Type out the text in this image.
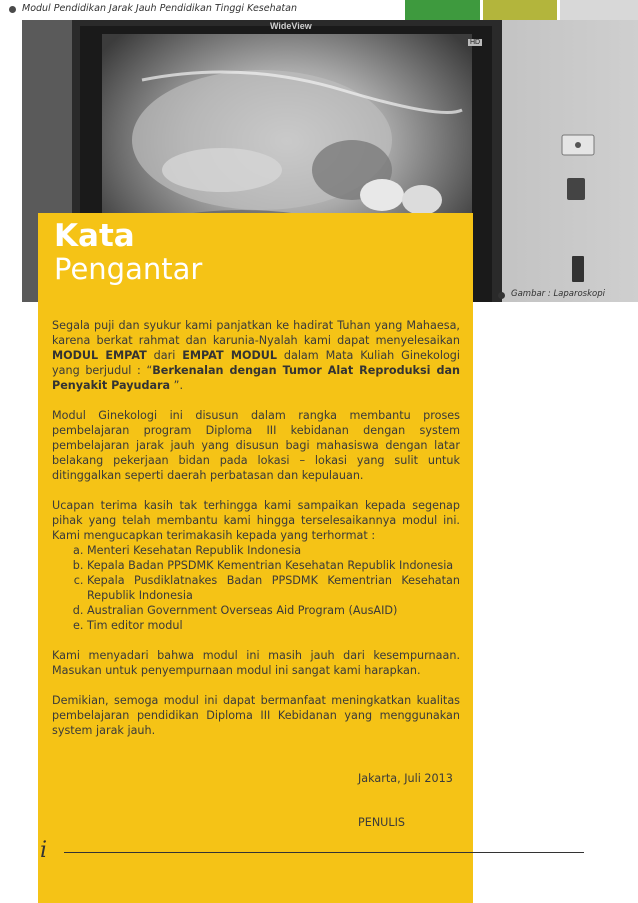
Modul Pendidikan Jarak Jauh Pendidikan Tinggi Kesehatan
WideView
HD
Kata
Pengantar
Gambar : Laparoskopi

Segala puji dan syukur kami panjatkan ke hadirat Tuhan yang Mahaesa, karena berkat rahmat dan karunia-Nyalah kami dapat menyelesaikan MODUL EMPAT dari EMPAT MODUL dalam Mata Kuliah Ginekologi yang berjudul : “Berkenalan dengan Tumor Alat Reproduksi dan Penyakit Payudara ”.

Modul Ginekologi ini disusun dalam rangka membantu proses pembelajaran program Diploma III kebidanan dengan system pembelajaran jarak jauh yang disusun bagi mahasiswa dengan latar belakang pekerjaan bidan pada lokasi – lokasi yang sulit untuk ditinggalkan seperti daerah perbatasan dan kepulauan.

Ucapan terima kasih tak terhingga kami sampaikan kepada segenap pihak yang telah membantu kami hingga terselesaikannya modul ini. Kami mengucapkan terimakasih kepada yang terhormat :

a. Menteri Kesehatan Republik Indonesia
b. Kepala Badan PPSDMK Kementrian Kesehatan Republik Indonesia
c. Kepala Pusdiklatnakes Badan PPSDMK Kementrian Kesehatan Republik Indonesia
d. Australian Government Overseas Aid Program (AusAID)
e. Tim editor modul

Kami menyadari bahwa modul ini masih jauh dari kesempurnaan. Masukan untuk penyempurnaan modul ini sangat kami harapkan.

Demikian, semoga modul ini dapat bermanfaat meningkatkan kualitas pembelajaran pendidikan Diploma III Kebidanan yang menggunakan system jarak jauh.

Jakarta, Juli 2013
PENULIS
i
